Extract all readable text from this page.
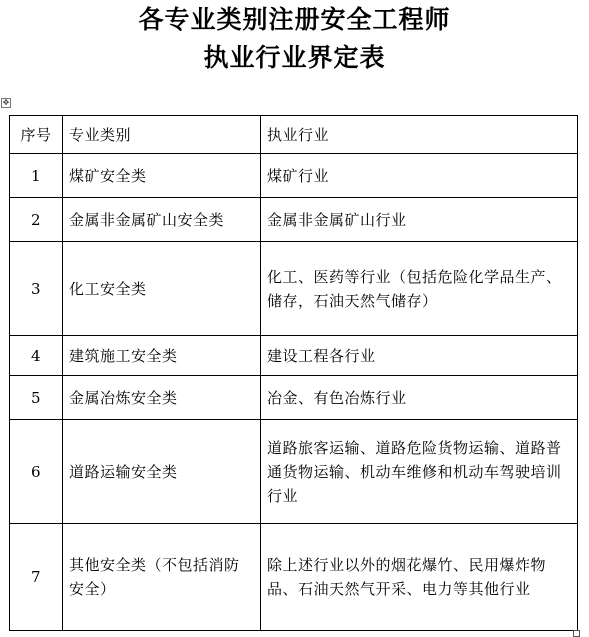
各专业类别注册安全工程师
执业行业界定表
✥
序号	专业类别	执业行业
1	煤矿安全类	煤矿行业
2	金属非金属矿山安全类	金属非金属矿山行业
3	化工安全类	化工、医药等行业（包括危险化学品生产、储存，石油天然气储存）
4	建筑施工安全类	建设工程各行业
5	金属冶炼安全类	冶金、有色冶炼行业
6	道路运输安全类	道路旅客运输、道路危险货物运输、道路普通货物运输、机动车维修和机动车驾驶培训行业
7	其他安全类（不包括消防安全）	除上述行业以外的烟花爆竹、民用爆炸物品、石油天然气开采、电力等其他行业
